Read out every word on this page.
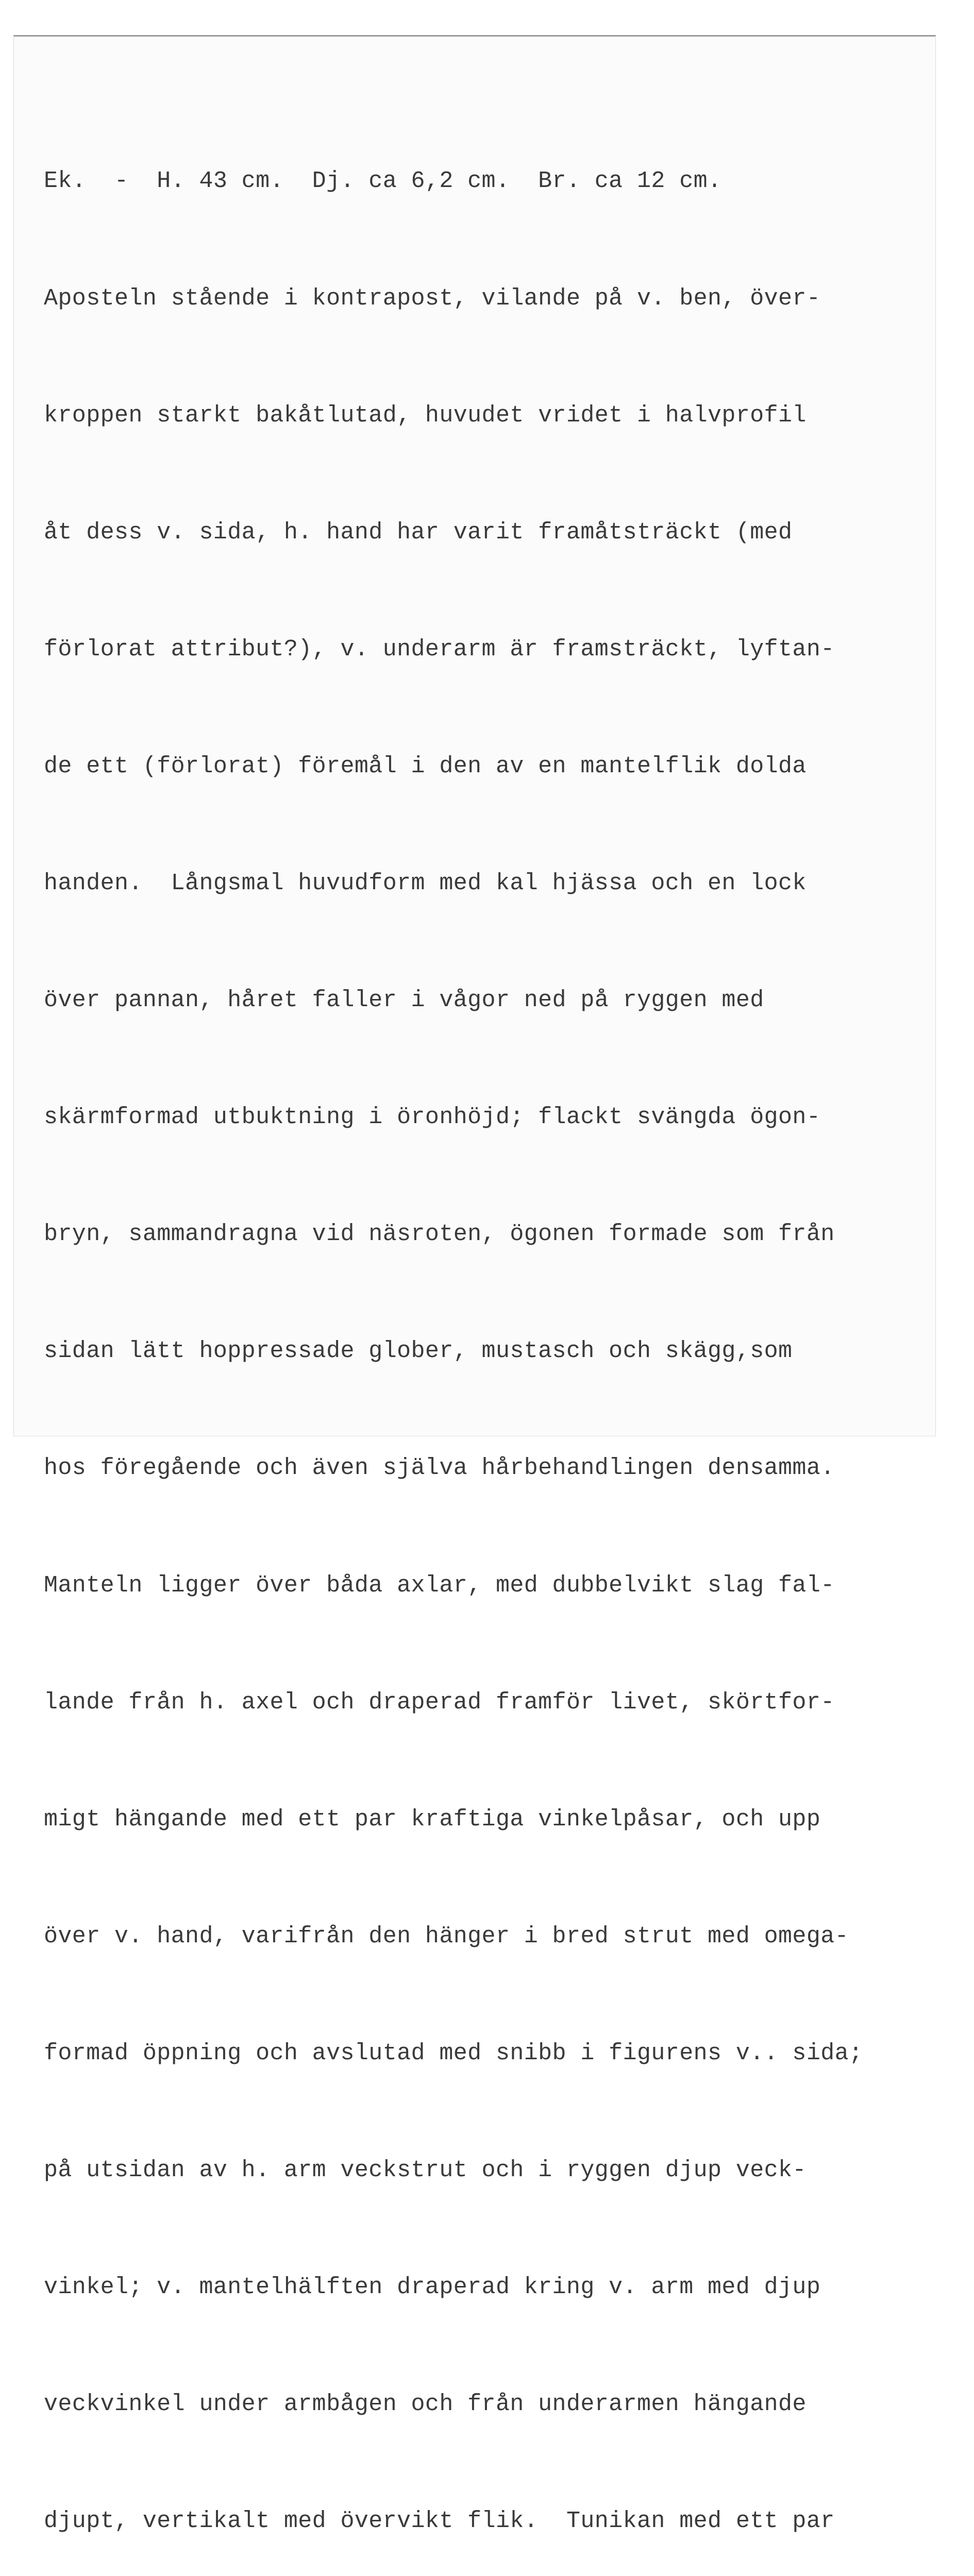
Ek.  -  H. 43 cm.  Dj. ca 6,2 cm.  Br. ca 12 cm.

Aposteln stående i kontrapost, vilande på v. ben, över-

kroppen starkt bakåtlutad, huvudet vridet i halvprofil

åt dess v. sida, h. hand har varit framåtsträckt (med

förlorat attribut?), v. underarm är framsträckt, lyftan-

de ett (förlorat) föremål i den av en mantelflik dolda

handen.  Långsmal huvudform med kal hjässa och en lock

över pannan, håret faller i vågor ned på ryggen med

skärmformad utbuktning i öronhöjd; flackt svängda ögon-

bryn, sammandragna vid näsroten, ögonen formade som från

sidan lätt hoppressade glober, mustasch och skägg,som

hos föregående och även själva hårbehandlingen densamma.

Manteln ligger över båda axlar, med dubbelvikt slag fal-

lande från h. axel och draperad framför livet, skörtfor-

migt hängande med ett par kraftiga vinkelpåsar, och upp

över v. hand, varifrån den hänger i bred strut med omega-

formad öppning och avslutad med snibb i figurens v.. sida;

på utsidan av h. arm veckstrut och i ryggen djup veck-

vinkel; v. mantelhälften draperad kring v. arm med djup

veckvinkel under armbågen och från underarmen hängande

djupt, vertikalt med övervikt flik.  Tunikan med ett par
